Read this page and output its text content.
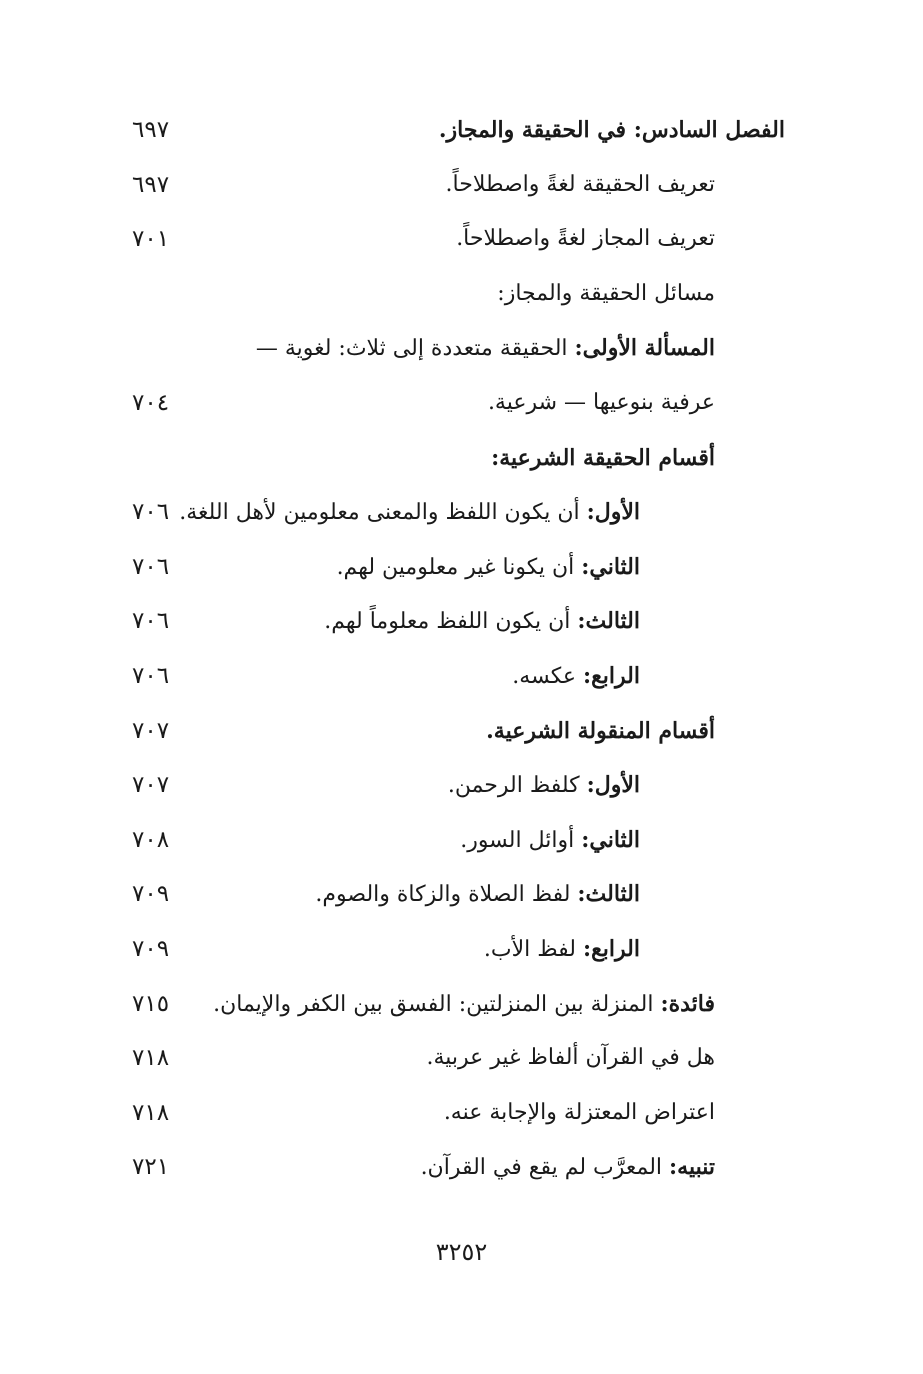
الفصل السادس: في الحقيقة والمجاز.
٦٩٧
تعريف الحقيقة لغةً واصطلاحاً.
٦٩٧
تعريف المجاز لغةً واصطلاحاً.
٧٠١
مسائل الحقيقة والمجاز:
المسألة الأولى: الحقيقة متعددة إلى ثلاث: لغوية —
عرفية بنوعيها — شرعية.
٧٠٤
أقسام الحقيقة الشرعية:
الأول: أن يكون اللفظ والمعنى معلومين لأهل اللغة.
٧٠٦
الثاني: أن يكونا غير معلومين لهم.
٧٠٦
الثالث: أن يكون اللفظ معلوماً لهم.
٧٠٦
الرابع: عكسه.
٧٠٦
أقسام المنقولة الشرعية.
٧٠٧
الأول: كلفظ الرحمن.
٧٠٧
الثاني: أوائل السور.
٧٠٨
الثالث: لفظ الصلاة والزكاة والصوم.
٧٠٩
الرابع: لفظ الأب.
٧٠٩
فائدة: المنزلة بين المنزلتين: الفسق بين الكفر والإيمان.
٧١٥
هل في القرآن ألفاظ غير عربية.
٧١٨
اعتراض المعتزلة والإجابة عنه.
٧١٨
تنبيه: المعرَّب لم يقع في القرآن.
٧٢١
٣٢٥٢
